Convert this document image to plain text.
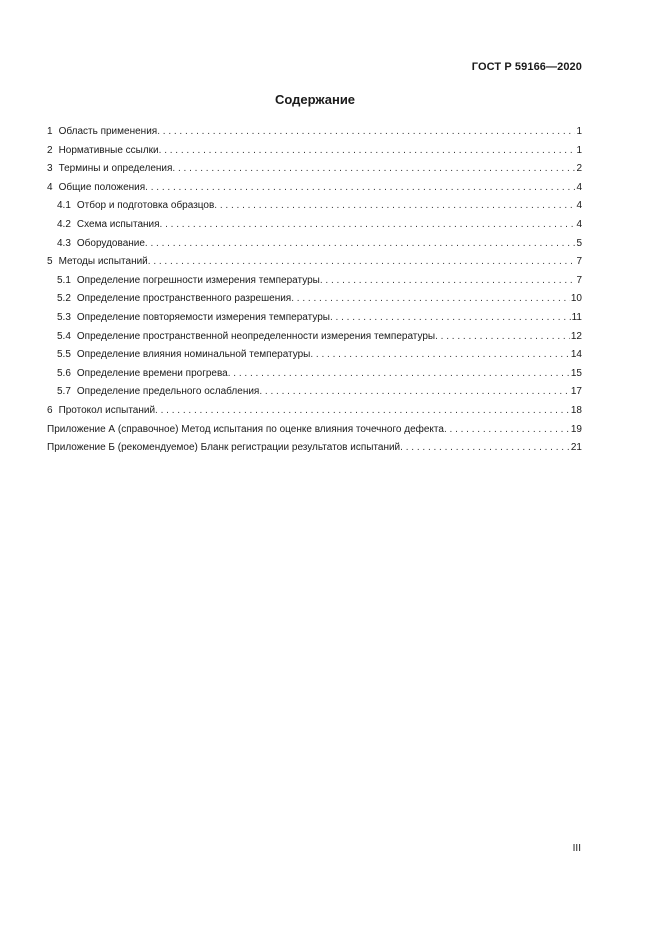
ГОСТ Р 59166—2020
Содержание
1 Область применения . . .	1
2 Нормативные ссылки . . .	1
3 Термины и определения . . .	2
4 Общие положения . . .	4
4.1 Отбор и подготовка образцов . . .	4
4.2 Схема испытания . . .	4
4.3 Оборудование . . .	5
5 Методы испытаний . . .	7
5.1 Определение погрешности измерения температуры . . .	7
5.2 Определение пространственного разрешения . . .	10
5.3 Определение повторяемости измерения температуры . . .	11
5.4 Определение пространственной неопределенности измерения температуры . . .	12
5.5 Определение влияния номинальной температуры . . .	14
5.6 Определение времени прогрева . . .	15
5.7 Определение предельного ослабления . . .	17
6 Протокол испытаний . . .	18
Приложение А (справочное) Метод испытания по оценке влияния точечного дефекта . . .	19
Приложение Б (рекомендуемое) Бланк регистрации результатов испытаний . . .	21
III
